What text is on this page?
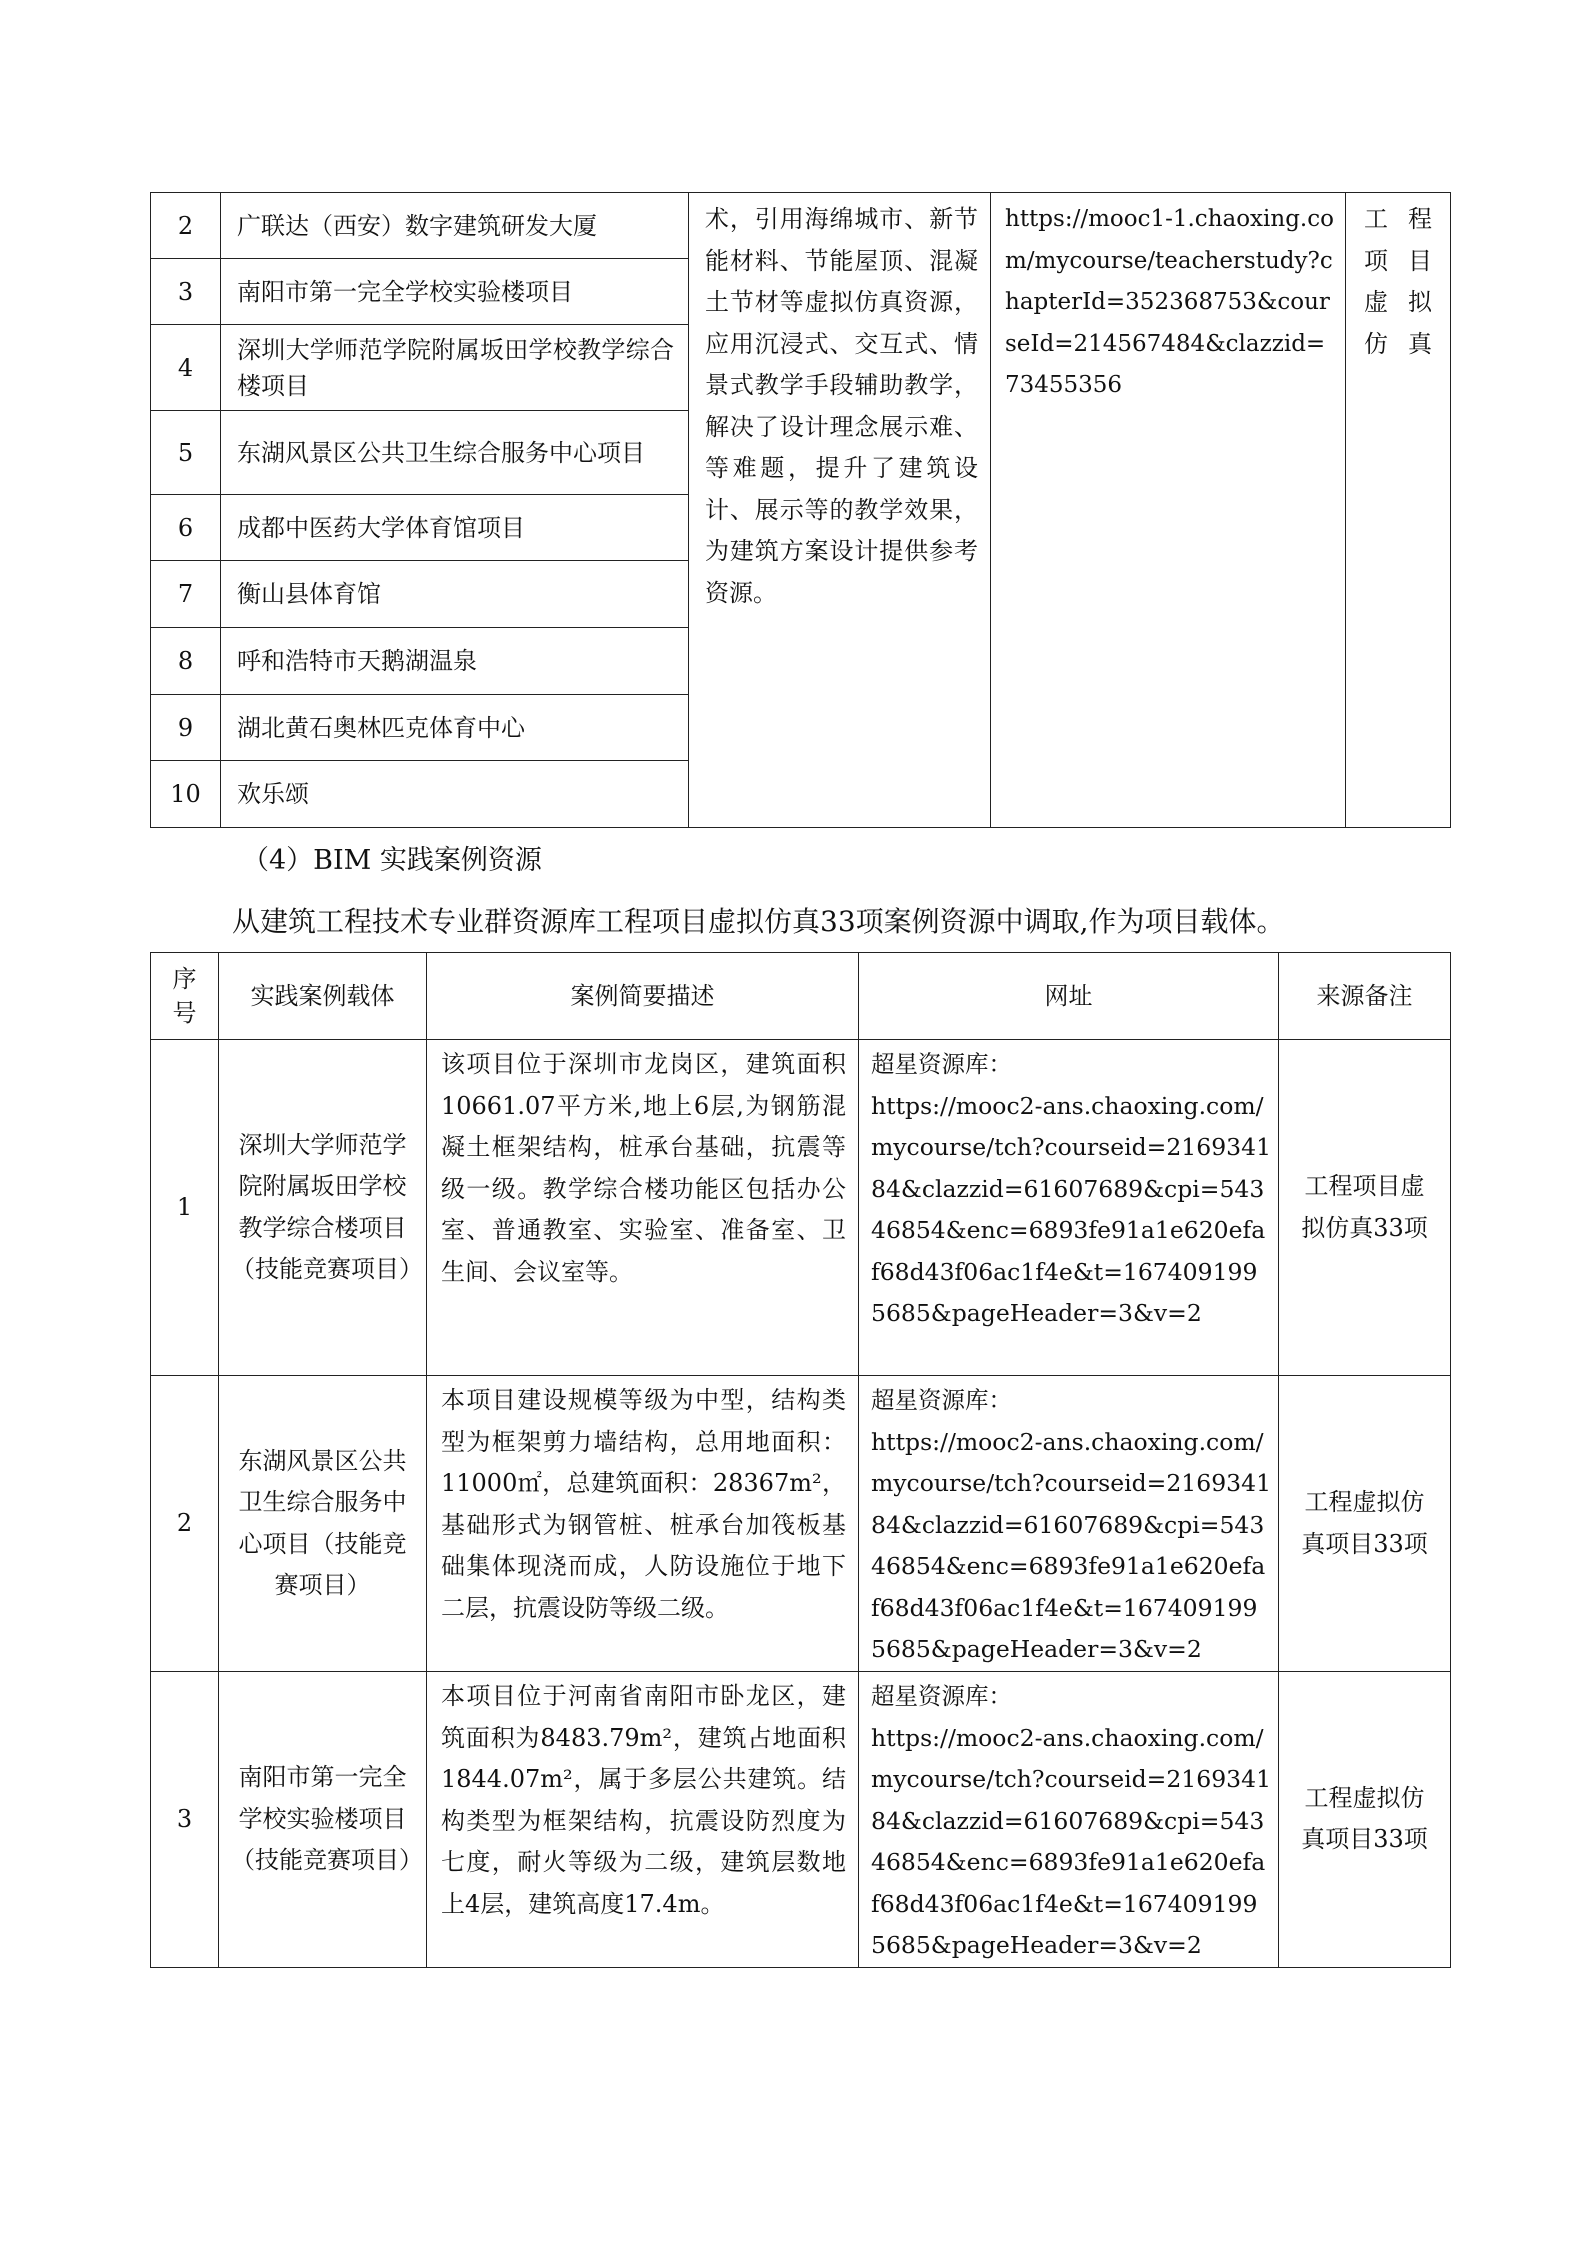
2	广联达（西安）数字建筑研发大厦	术，引用海绵城市、新节能材料、节能屋顶、混凝土节材等虚拟仿真资源，应用沉浸式、交互式、情景式教学手段辅助教学，解决了设计理念展示难、等难题，提升了建筑设计、展示等的教学效果，为建筑方案设计提供参考资源。	https://mooc1-1.chaoxing.com/mycourse/teacherstudy?chapterId=352368753&courseId=214567484&clazzid=73455356	工程项目虚拟仿真
3	南阳市第一完全学校实验楼项目			
4	深圳大学师范学院附属坂田学校教学综合楼项目			
5	东湖风景区公共卫生综合服务中心项目			
6	成都中医药大学体育馆项目			
7	衡山县体育馆			
8	呼和浩特市天鹅湖温泉			
9	湖北黄石奥林匹克体育中心			
10	欢乐颂			
（4）BIM 实践案例资源
从建筑工程技术专业群资源库工程项目虚拟仿真33项案例资源中调取,作为项目载体。
序号	实践案例载体	案例简要描述	网址	来源备注
1	深圳大学师范学院附属坂田学校教学综合楼项目（技能竞赛项目）	该项目位于深圳市龙岗区，建筑面积10661.07平方米,地上6层,为钢筋混凝土框架结构，桩承台基础，抗震等级一级。教学综合楼功能区包括办公室、普通教室、实验室、准备室、卫生间、会议室等。	超星资源库：
https://mooc2-ans.chaoxing.com/mycourse/tch?courseid=216934184&clazzid=61607689&cpi=54346854&enc=6893fe91a1e620efaf68d43f06ac1f4e&t=1674091995685&pageHeader=3&v=2	工程项目虚拟仿真33项
2	东湖风景区公共卫生综合服务中心项目（技能竞赛项目）	本项目建设规模等级为中型，结构类型为框架剪力墙结构，总用地面积：11000㎡，总建筑面积：28367m²，基础形式为钢管桩、桩承台加筏板基础集体现浇而成，人防设施位于地下二层，抗震设防等级二级。	超星资源库：
https://mooc2-ans.chaoxing.com/mycourse/tch?courseid=216934184&clazzid=61607689&cpi=54346854&enc=6893fe91a1e620efaf68d43f06ac1f4e&t=1674091995685&pageHeader=3&v=2	工程虚拟仿真项目33项
3	南阳市第一完全学校实验楼项目（技能竞赛项目）	本项目位于河南省南阳市卧龙区，建筑面积为8483.79m²，建筑占地面积1844.07m²，属于多层公共建筑。结构类型为框架结构，抗震设防烈度为七度，耐火等级为二级，建筑层数地上4层，建筑高度17.4m。	超星资源库：
https://mooc2-ans.chaoxing.com/mycourse/tch?courseid=216934184&clazzid=61607689&cpi=54346854&enc=6893fe91a1e620efaf68d43f06ac1f4e&t=1674091995685&pageHeader=3&v=2	工程虚拟仿真项目33项
